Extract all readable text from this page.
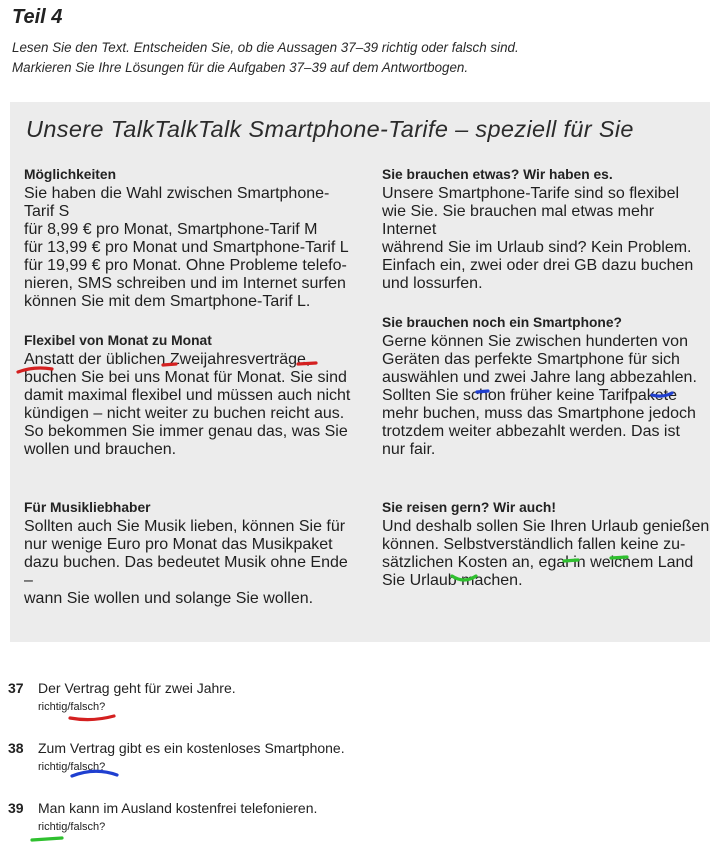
Teil 4
Lesen Sie den Text. Entscheiden Sie, ob die Aussagen 37–39 richtig oder falsch sind.
Markieren Sie Ihre Lösungen für die Aufgaben 37–39 auf dem Antwortbogen.
Unsere TalkTalkTalk Smartphone-Tarife – speziell für Sie
Möglichkeiten

Sie haben die Wahl zwischen Smartphone-Tarif S
für 8,99 € pro Monat, Smartphone-Tarif M
für 13,99 € pro Monat und Smartphone-Tarif L
für 19,99 € pro Monat. Ohne Probleme telefo-
nieren, SMS schreiben und im Internet surfen
können Sie mit dem Smartphone-Tarif L.

Flexibel von Monat zu Monat

Anstatt der üblichen Zweijahresverträge,
buchen Sie bei uns Monat für Monat. Sie sind
damit maximal flexibel und müssen auch nicht
kündigen – nicht weiter zu buchen reicht aus.
So bekommen Sie immer genau das, was Sie
wollen und brauchen.

Für Musikliebhaber

Sollten auch Sie Musik lieben, können Sie für
nur wenige Euro pro Monat das Musikpaket
dazu buchen. Das bedeutet Musik ohne Ende –
wann Sie wollen und solange Sie wollen.

Sie brauchen etwas? Wir haben es.

Unsere Smartphone-Tarife sind so flexibel
wie Sie. Sie brauchen mal etwas mehr Internet
während Sie im Urlaub sind? Kein Problem.
Einfach ein, zwei oder drei GB dazu buchen
und lossurfen.

Sie brauchen noch ein Smartphone?

Gerne können Sie zwischen hunderten von
Geräten das perfekte Smartphone für sich
auswählen und zwei Jahre lang abbezahlen.
Sollten Sie schon früher keine Tarifpakete
mehr buchen, muss das Smartphone jedoch
trotzdem weiter abbezahlt werden. Das ist
nur fair.

Sie reisen gern? Wir auch!

Und deshalb sollen Sie Ihren Urlaub genießen
können. Selbstverständlich fallen keine zu-
sätzlichen Kosten an, egal in welchem Land
Sie Urlaub machen.

37 Der Vertrag geht für zwei Jahre.
richtig/falsch?
38 Zum Vertrag gibt es ein kostenloses Smartphone.
richtig/falsch?
39 Man kann im Ausland kostenfrei telefonieren.
richtig/falsch?
